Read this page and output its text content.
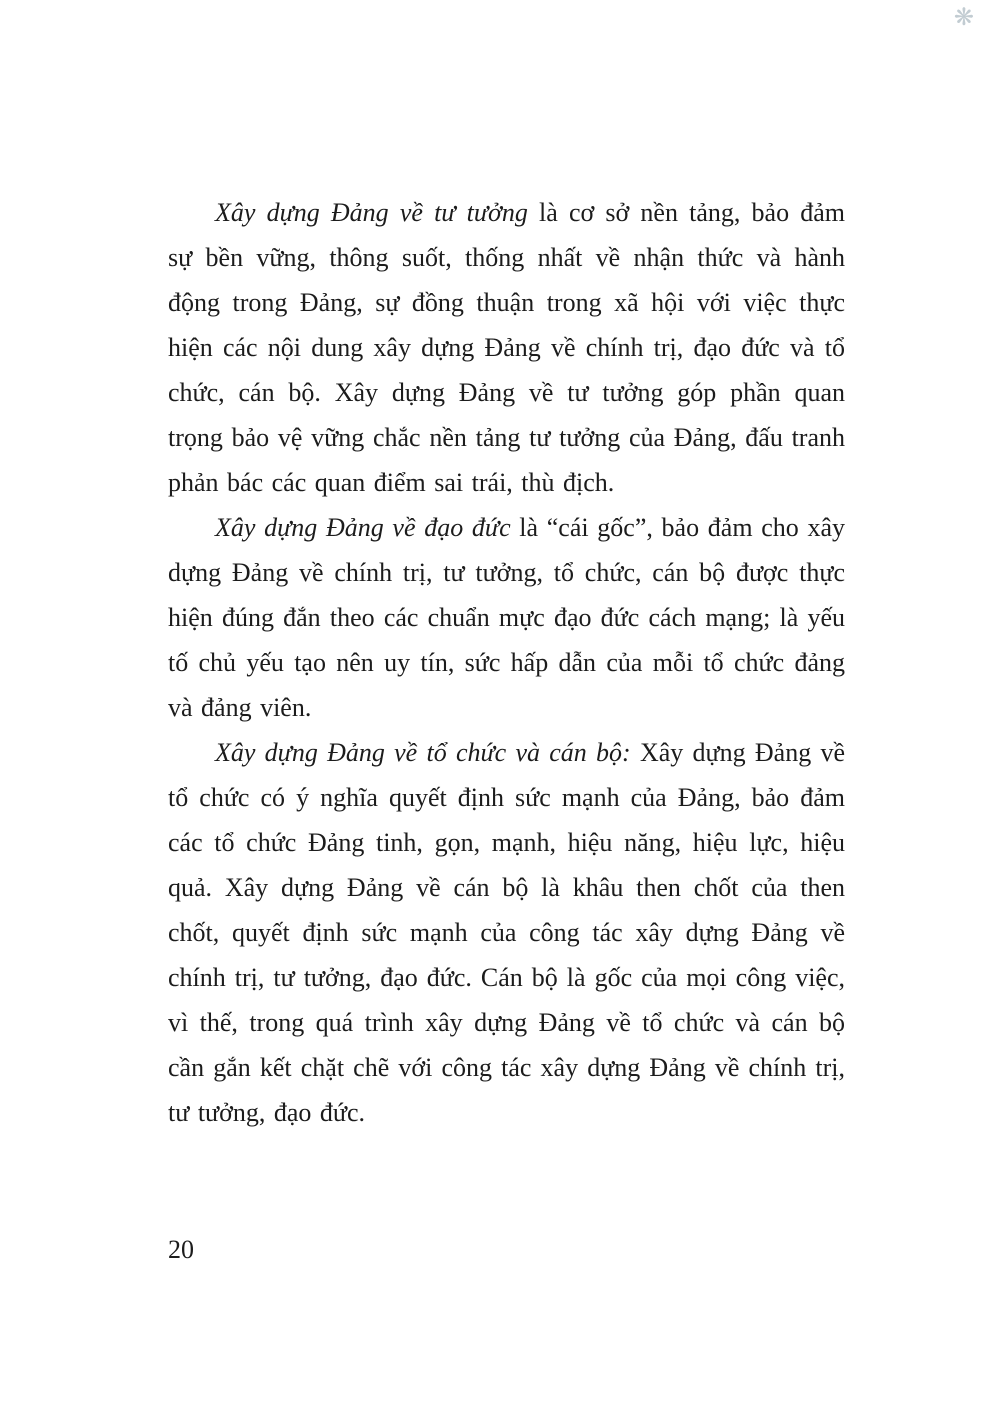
❋

Xây dựng Đảng về tư tưởng là cơ sở nền tảng, bảo đảm sự bền vững, thông suốt, thống nhất về nhận thức và hành động trong Đảng, sự đồng thuận trong xã hội với việc thực hiện các nội dung xây dựng Đảng về chính trị, đạo đức và tổ chức, cán bộ. Xây dựng Đảng về tư tưởng góp phần quan trọng bảo vệ vững chắc nền tảng tư tưởng của Đảng, đấu tranh phản bác các quan điểm sai trái, thù địch.

Xây dựng Đảng về đạo đức là “cái gốc”, bảo đảm cho xây dựng Đảng về chính trị, tư tưởng, tổ chức, cán bộ được thực hiện đúng đắn theo các chuẩn mực đạo đức cách mạng; là yếu tố chủ yếu tạo nên uy tín, sức hấp dẫn của mỗi tổ chức đảng và đảng viên.

Xây dựng Đảng về tổ chức và cán bộ: Xây dựng Đảng về tổ chức có ý nghĩa quyết định sức mạnh của Đảng, bảo đảm các tổ chức Đảng tinh, gọn, mạnh, hiệu năng, hiệu lực, hiệu quả. Xây dựng Đảng về cán bộ là khâu then chốt của then chốt, quyết định sức mạnh của công tác xây dựng Đảng về chính trị, tư tưởng, đạo đức. Cán bộ là gốc của mọi công việc, vì thế, trong quá trình xây dựng Đảng về tổ chức và cán bộ cần gắn kết chặt chẽ với công tác xây dựng Đảng về chính trị, tư tưởng, đạo đức.

20
